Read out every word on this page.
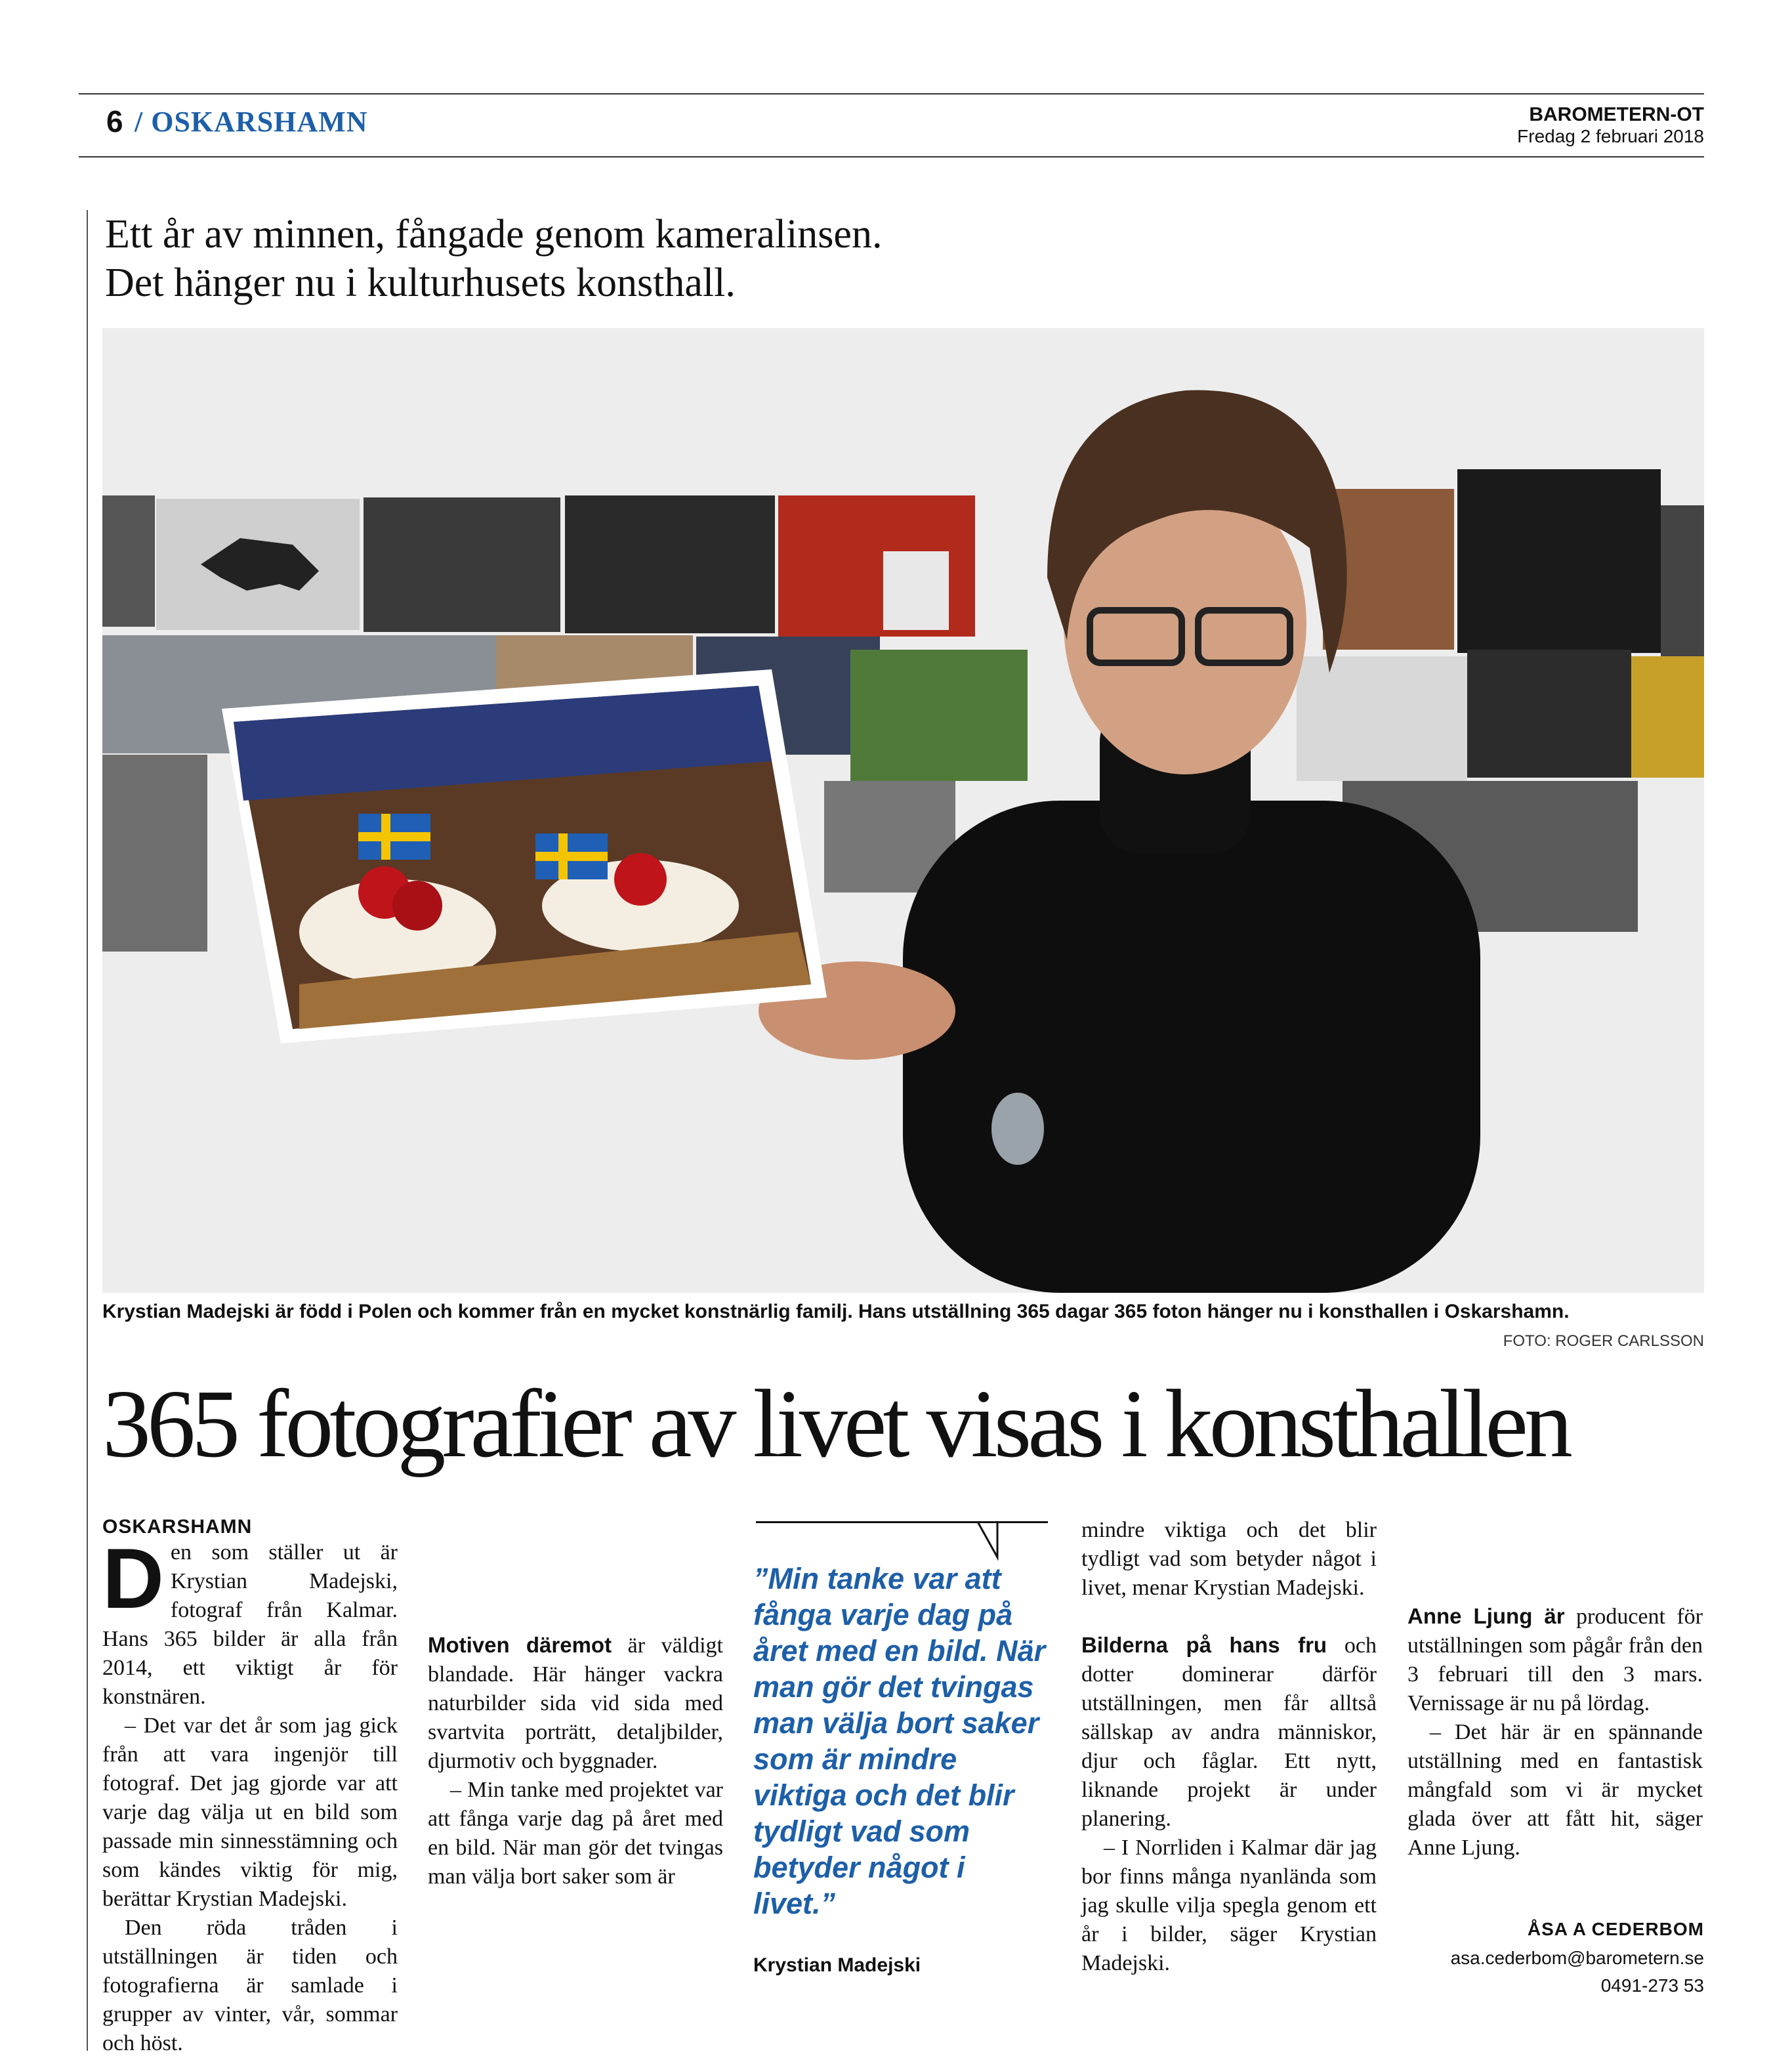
6 / OSKARSHAMN	BAROMETERN-OT
Fredag 2 februari 2018
Ett år av minnen, fångade genom kameralinsen.
Det hänger nu i kulturhusets konsthall.
Krystian Madejski är född i Polen och kommer från en mycket konstnärlig familj. Hans utställning 365 dagar 365 foton hänger nu i konsthallen i Oskarshamn.
FOTO: ROGER CARLSSON
365 fotografier av livet visas i konsthallen
OSKARSHAMN

Den som ställer ut är Krystian Madejski, fotograf från Kalmar. Hans 365 bilder är alla från 2014, ett viktigt år för konstnären.

– Det var det år som jag gick från att vara ingenjör till fotograf. Det jag gjorde var att varje dag välja ut en bild som passade min sinnesstämning och som kändes viktig för mig, berättar Krystian Madejski.

Den röda tråden i utställningen är tiden och fotografierna är samlade i grupper av vinter, vår, sommar och höst.

Motiven däremot är väldigt blandade. Här hänger vackra naturbilder sida vid sida med svartvita porträtt, detaljbilder, djurmotiv och byggnader.

– Min tanke med projektet var att fånga varje dag på året med en bild. När man gör det tvingas man välja bort saker som är

”Min tanke var att fånga varje dag på året med en bild. När man gör det tvingas man välja bort saker som är mindre viktiga och det blir tydligt vad som betyder något i livet.”
Krystian Madejski

mindre viktiga och det blir tydligt vad som betyder något i livet, menar Krystian Madejski.

Bilderna på hans fru och dotter dominerar därför utställningen, men får alltså sällskap av andra människor, djur och fåglar. Ett nytt, liknande projekt är under planering.

– I Norrliden i Kalmar där jag bor finns många nyanlända som jag skulle vilja spegla genom ett år i bilder, säger Krystian Madejski.

Anne Ljung är producent för utställningen som pågår från den 3 februari till den 3 mars. Vernissage är nu på lördag.

– Det här är en spännande utställning med en fantastisk mångfald som vi är mycket glada över att fått hit, säger Anne Ljung.

ÅSA A CEDERBOM
asa.cederbom@barometern.se
0491-273 53
